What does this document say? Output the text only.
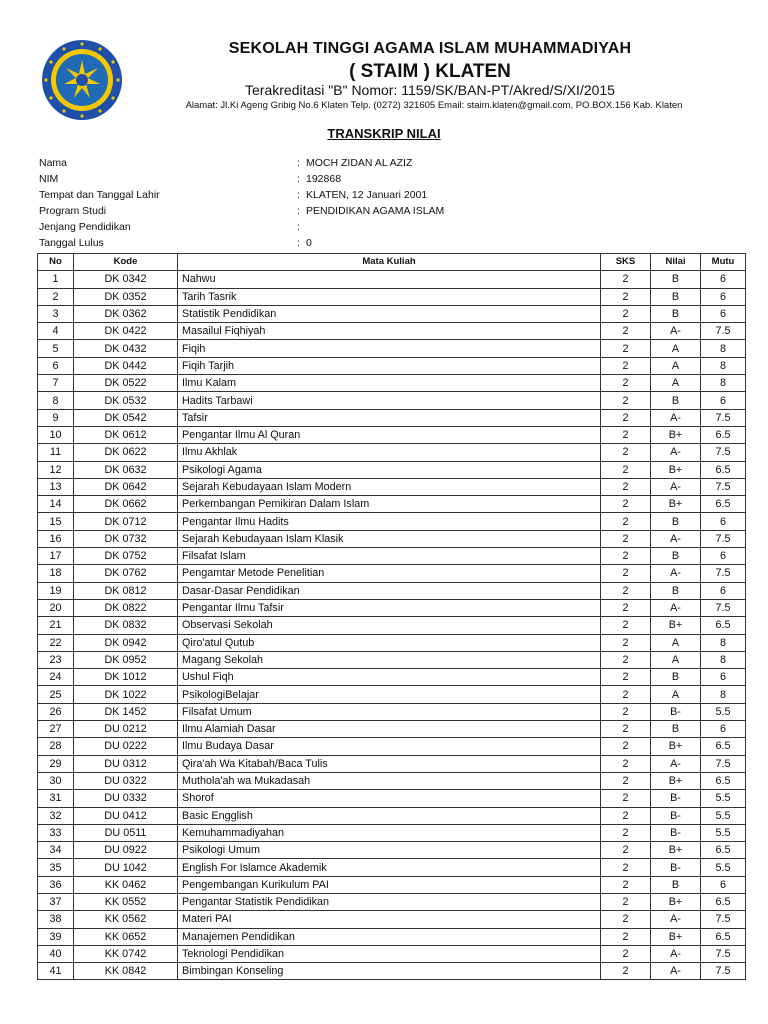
SEKOLAH TINGGI AGAMA ISLAM MUHAMMADIYAH
( STAIM ) KLATEN
Terakreditasi "B" Nomor: 1159/SK/BAN-PT/Akred/S/XI/2015
Alamat: Jl.Ki Ageng Gribig No.6 Klaten Telp. (0272) 321605 Email: staim.klaten@gmail.com, PO.BOX.156 Kab. Klaten
TRANSKRIP NILAI
Nama	: MOCH ZIDAN AL AZIZ
NIM	: 192868
Tempat dan Tanggal Lahir	: KLATEN, 12 Januari 2001
Program Studi	: PENDIDIKAN AGAMA ISLAM
Jenjang Pendidikan	:
Tanggal Lulus	: 0
No	Kode	Mata Kuliah	SKS	Nilai	Mutu
1	DK 0342	Nahwu	2	B	6
2	DK 0352	Tarih Tasrik	2	B	6
3	DK 0362	Statistik Pendidikan	2	B	6
4	DK 0422	Masailul Fiqhiyah	2	A-	7.5
5	DK 0432	Fiqih	2	A	8
6	DK 0442	Fiqih Tarjih	2	A	8
7	DK 0522	Ilmu Kalam	2	A	8
8	DK 0532	Hadits Tarbawi	2	B	6
9	DK 0542	Tafsir	2	A-	7.5
10	DK 0612	Pengantar Ilmu Al Quran	2	B+	6.5
11	DK 0622	Ilmu Akhlak	2	A-	7.5
12	DK 0632	Psikologi Agama	2	B+	6.5
13	DK 0642	Sejarah Kebudayaan Islam Modern	2	A-	7.5
14	DK 0662	Perkembangan Pemikiran Dalam Islam	2	B+	6.5
15	DK 0712	Pengantar Ilmu Hadits	2	B	6
16	DK 0732	Sejarah Kebudayaan Islam Klasik	2	A-	7.5
17	DK 0752	Filsafat Islam	2	B	6
18	DK 0762	Pengamtar Metode Penelitian	2	A-	7.5
19	DK 0812	Dasar-Dasar Pendidikan	2	B	6
20	DK 0822	Pengantar Ilmu Tafsir	2	A-	7.5
21	DK 0832	Observasi Sekolah	2	B+	6.5
22	DK 0942	Qiro'atul Qutub	2	A	8
23	DK 0952	Magang Sekolah	2	A	8
24	DK 1012	Ushul Fiqh	2	B	6
25	DK 1022	PsikologiBelajar	2	A	8
26	DK 1452	Filsafat Umum	2	B-	5.5
27	DU 0212	Ilmu Alamiah Dasar	2	B	6
28	DU 0222	Ilmu Budaya Dasar	2	B+	6.5
29	DU 0312	Qira'ah Wa Kitabah/Baca Tulis	2	A-	7.5
30	DU 0322	Muthola'ah wa Mukadasah	2	B+	6.5
31	DU 0332	Shorof	2	B-	5.5
32	DU 0412	Basic Engglish	2	B-	5.5
33	DU 0511	Kemuhammadiyahan	2	B-	5.5
34	DU 0922	Psikologi Umum	2	B+	6.5
35	DU 1042	English For Islamce Akademik	2	B-	5.5
36	KK 0462	Pengembangan Kurikulum PAI	2	B	6
37	KK 0552	Pengantar Statistik Pendidikan	2	B+	6.5
38	KK 0562	Materi PAI	2	A-	7.5
39	KK 0652	Manajemen Pendidikan	2	B+	6.5
40	KK 0742	Teknologi Pendidikan	2	A-	7.5
41	KK 0842	Bimbingan Konseling	2	A-	7.5
